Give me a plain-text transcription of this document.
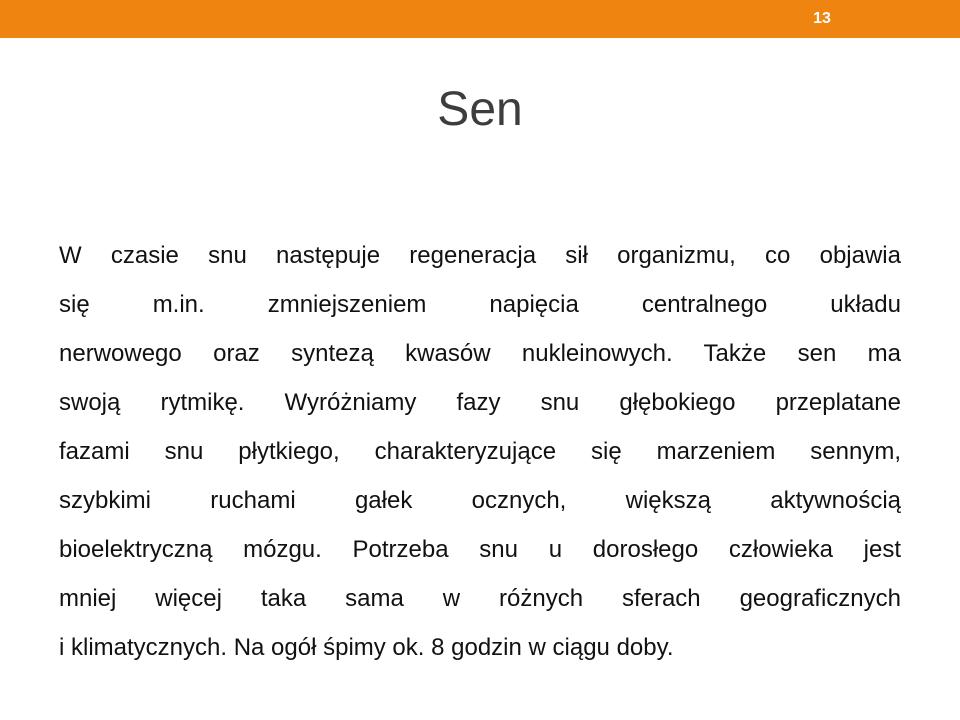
13
Sen
W czasie snu następuje regeneracja sił organizmu, co objawia
się m.in. zmniejszeniem napięcia centralnego układu
nerwowego oraz syntezą kwasów nukleinowych. Także sen ma
swoją rytmikę. Wyróżniamy fazy snu głębokiego przeplatane
fazami snu płytkiego, charakteryzujące się marzeniem sennym,
szybkimi ruchami gałek ocznych, większą aktywnością
bioelektryczną mózgu. Potrzeba snu u dorosłego człowieka jest
mniej więcej taka sama w różnych sferach geograficznych
i klimatycznych. Na ogół śpimy ok. 8 godzin w ciągu doby.
